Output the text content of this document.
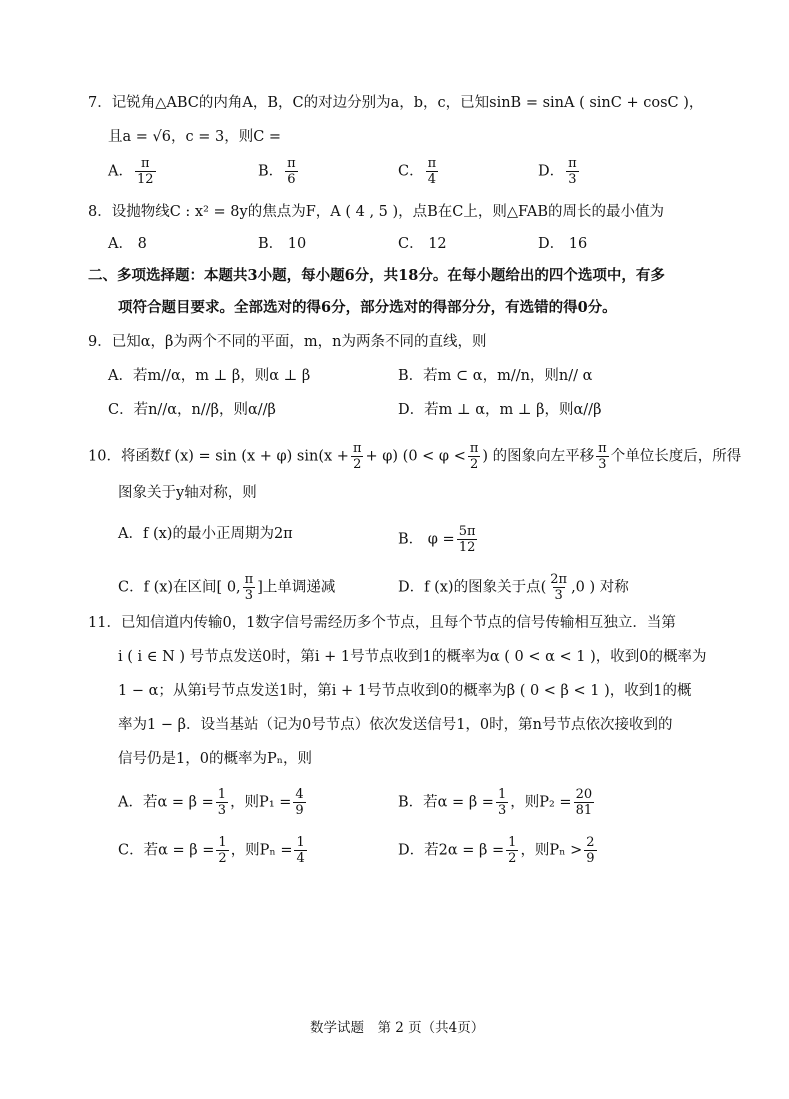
7．记锐角△ABC的内角A，B，C的对边分别为a，b，c，已知sinB = sinA ( sinC + cosC )，
且a = √6，c = 3，则C =
A． $\frac{\pi}{12}$	B． $\frac{\pi}{6}$	C． $\frac{\pi}{4}$	D． $\frac{\pi}{3}$
8．设抛物线C : x² = 8y的焦点为F，A ( 4 , 5 )，点B在C上，则△FAB的周长的最小值为
A． 8	B． 10	C． 12	D． 16
二、多项选择题：本题共3小题，每小题6分，共18分。在每小题给出的四个选项中，有多
项符合题目要求。全部选对的得6分，部分选对的得部分分，有选错的得0分。
9．已知α，β为两个不同的平面，m，n为两条不同的直线，则
A．若m//α，m ⊥ β，则α ⊥ β	B．若m ⊂ α，m//n，则n// α
C．若n//α，n//β，则α//β	D．若m ⊥ α，m ⊥ β，则α//β
10．将函数f (x) = sin (x + φ) $\sin(x + \frac{\pi}{2} + \varphi)$ ($0 < \varphi < \frac{\pi}{2}$ ) 的图象向左平移 $\frac{\pi}{3}$ 个单位长度后，所得
图象关于y轴对称，则
A．f (x)的最小正周期为2π	B． $\varphi = \frac{5\pi}{12}$
C．f (x)在区间[ 0, $\frac{\pi}{3}$ ]上单调递减	D．f (x)的图象关于点( $\frac{2\pi}{3} ,0$ ) 对称
11．已知信道内传输0，1数字信号需经历多个节点，且每个节点的信号传输相互独立．当第
i ( i ∈ N ) 号节点发送0时，第i + 1号节点收到1的概率为α ( 0 < α < 1 )，收到0的概率为
1 − α；从第i号节点发送1时，第i + 1号节点收到0的概率为β ( 0 < β < 1 )，收到1的概
率为1 − β．设当基站（记为0号节点）依次发送信号1，0时，第n号节点依次接收到的
信号仍是1，0的概率为Pₙ，则
A．若$\alpha = \beta = \frac{1}{3}$ ，则$P_1 = \frac{4}{9}$	B．若$\alpha = \beta = \frac{1}{3}$ ，则$P_2 = \frac{20}{81}$
C．若$\alpha = \beta = \frac{1}{2}$ ，则$P_n = \frac{1}{4}$	D．若$2\alpha = \beta = \frac{1}{2}$ ，则$P_n > \frac{2}{9}$
数学试题　第 2 页（共4页）
